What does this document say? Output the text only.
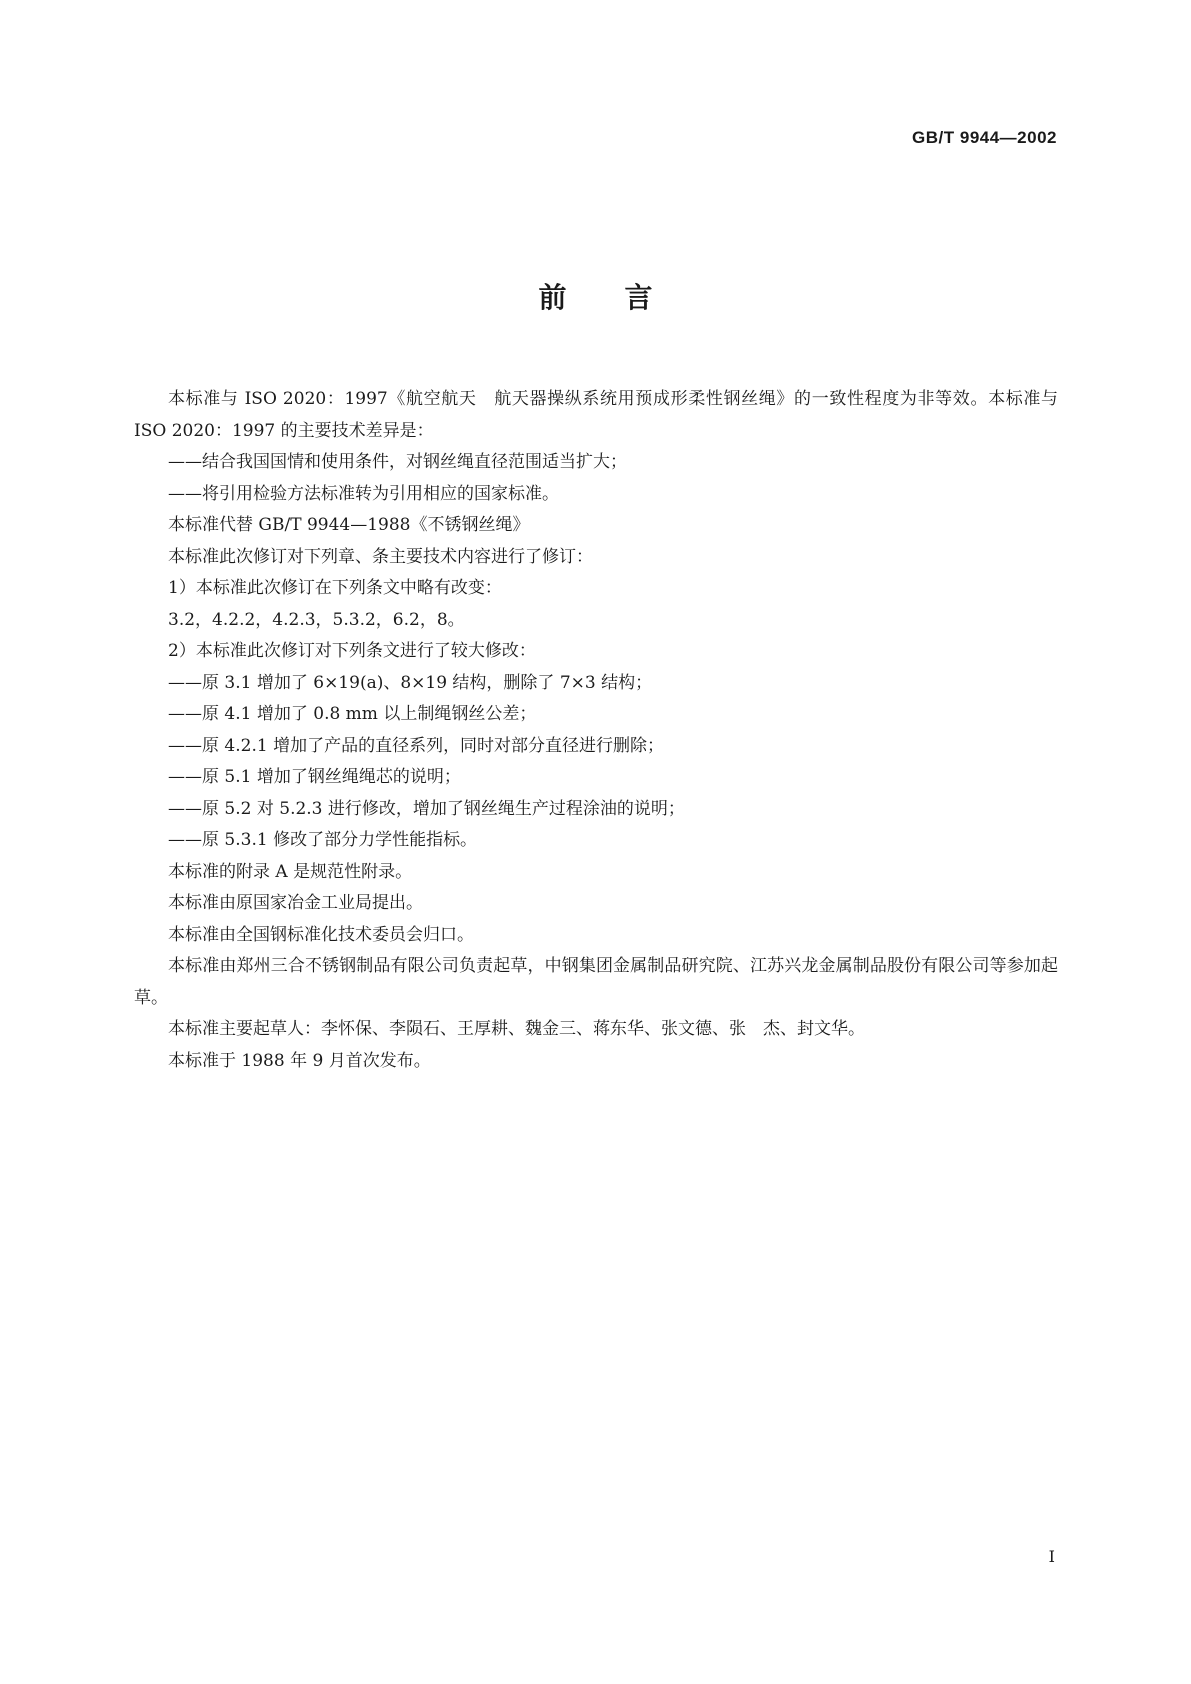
GB/T 9944—2002
前言

本标准与 ISO 2020：1997《航空航天　航天器操纵系统用预成形柔性钢丝绳》的一致性程度为非等效。本标准与 ISO 2020：1997 的主要技术差异是：

——结合我国国情和使用条件，对钢丝绳直径范围适当扩大；

——将引用检验方法标准转为引用相应的国家标准。

本标准代替 GB/T 9944—1988《不锈钢丝绳》

本标准此次修订对下列章、条主要技术内容进行了修订：

1）本标准此次修订在下列条文中略有改变：

3.2，4.2.2，4.2.3，5.3.2，6.2，8。

2）本标准此次修订对下列条文进行了较大修改：

——原 3.1 增加了 6×19(a)、8×19 结构，删除了 7×3 结构；

——原 4.1 增加了 0.8 mm 以上制绳钢丝公差；

——原 4.2.1 增加了产品的直径系列，同时对部分直径进行删除；

——原 5.1 增加了钢丝绳绳芯的说明；

——原 5.2 对 5.2.3 进行修改，增加了钢丝绳生产过程涂油的说明；

——原 5.3.1 修改了部分力学性能指标。

本标准的附录 A 是规范性附录。

本标准由原国家冶金工业局提出。

本标准由全国钢标准化技术委员会归口。

本标准由郑州三合不锈钢制品有限公司负责起草，中钢集团金属制品研究院、江苏兴龙金属制品股份有限公司等参加起草。

本标准主要起草人：李怀保、李陨石、王厚耕、魏金三、蒋东华、张文德、张　杰、封文华。

本标准于 1988 年 9 月首次发布。

I
